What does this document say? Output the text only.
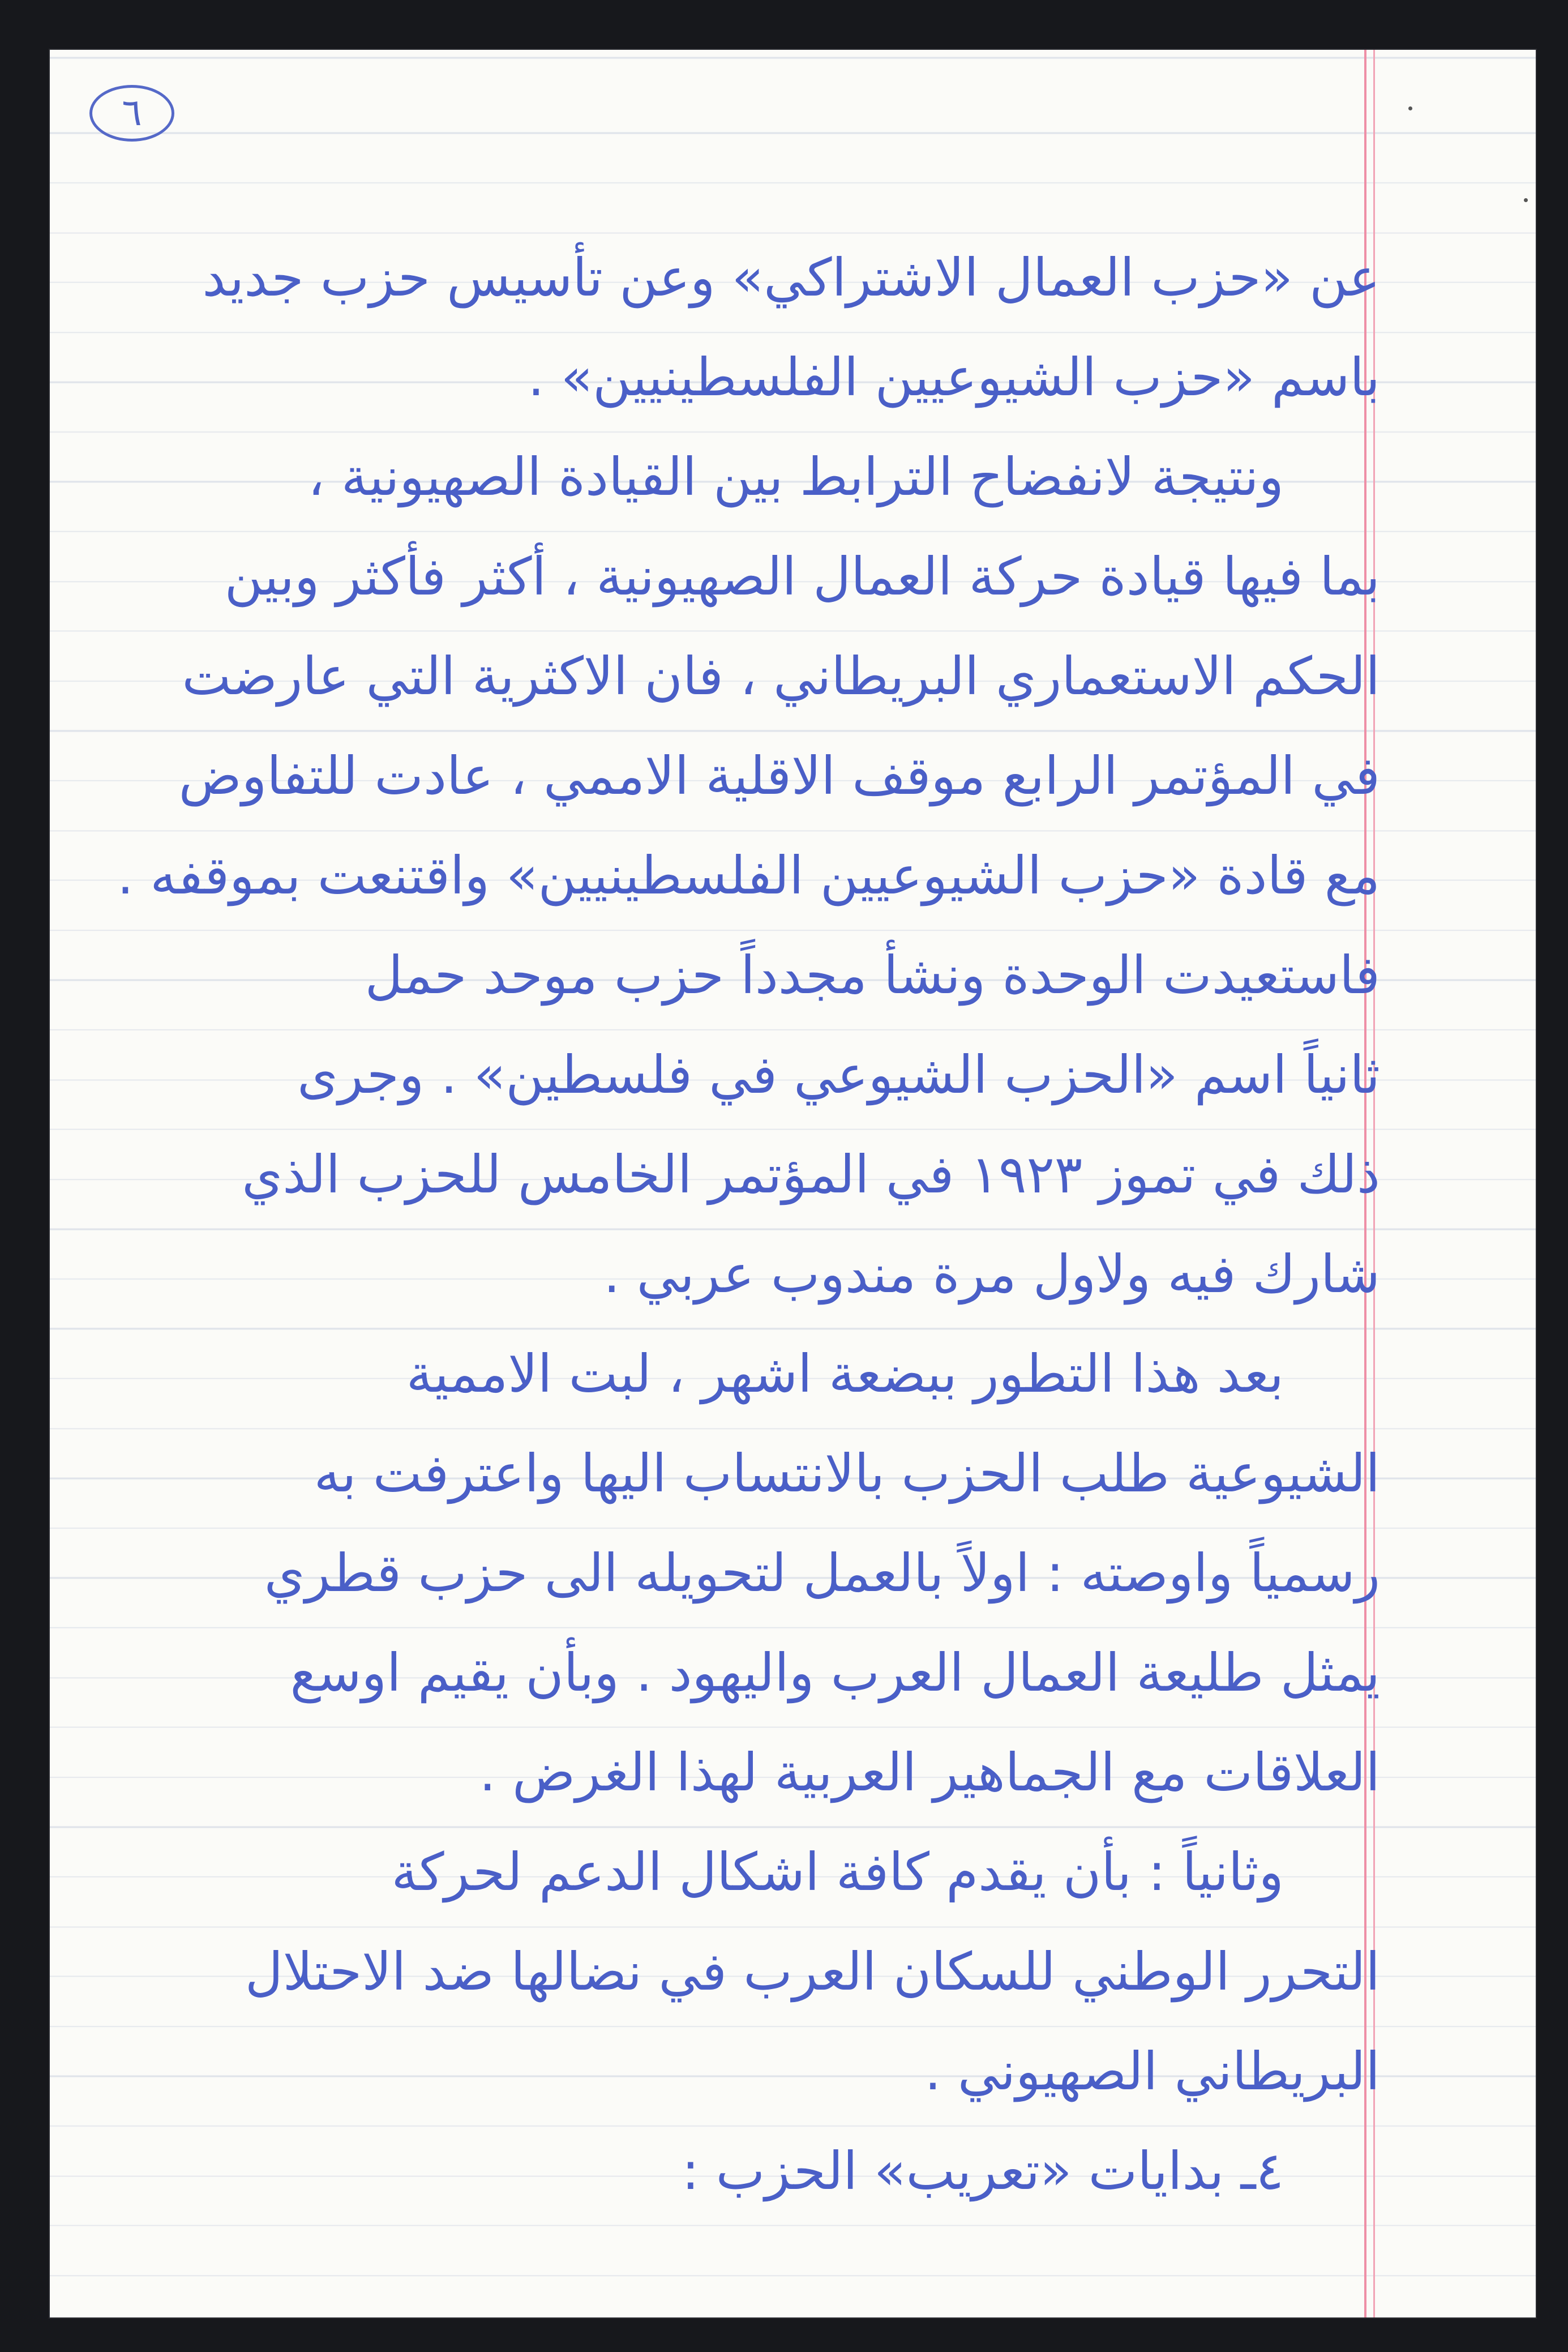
٦
عن «حزب العمال الاشتراكي» وعن تأسيس حزب جديد
باسم «حزب الشيوعيين الفلسطينيين» .
ونتيجة لانفضاح الترابط بين القيادة الصهيونية ،
بما فيها قيادة حركة العمال الصهيونية ، أكثر فأكثر وبين
الحكم الاستعماري البريطاني ، فان الاكثرية التي عارضت
في المؤتمر الرابع موقف الاقلية الاممي ، عادت للتفاوض
مع قادة «حزب الشيوعيين الفلسطينيين» واقتنعت بموقفه .
فاستعيدت الوحدة ونشأ مجدداً حزب موحد حمل
ثانياً اسم «الحزب الشيوعي في فلسطين» . وجرى
ذلك في تموز ١٩٢٣ في المؤتمر الخامس للحزب الذي
شارك فيه ولاول مرة مندوب عربي .
بعد هذا التطور ببضعة اشهر ، لبت الاممية
الشيوعية طلب الحزب بالانتساب اليها واعترفت به
رسمياً واوصته : اولاً بالعمل لتحويله الى حزب قطري
يمثل طليعة العمال العرب واليهود . وبأن يقيم اوسع
العلاقات مع الجماهير العربية لهذا الغرض .
وثانياً : بأن يقدم كافة اشكال الدعم لحركة
التحرر الوطني للسكان العرب في نضالها ضد الاحتلال
البريطاني الصهيوني .
٤ـ بدايات «تعريب» الحزب :
